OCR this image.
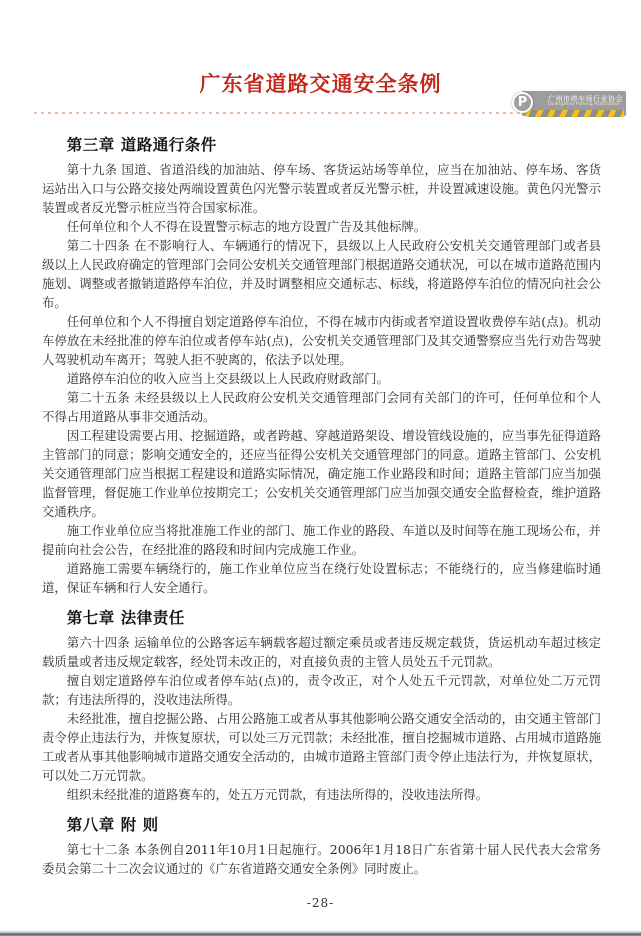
广州市停车场行业协会
Guangzhou Parking Association
P
广东省道路交通安全条例
第三章 道路通行条件

第十九条 国道、省道沿线的加油站、停车场、客货运站场等单位，应当在加油站、停车场、客货运站出入口与公路交接处两端设置黄色闪光警示装置或者反光警示桩，并设置减速设施。黄色闪光警示装置或者反光警示桩应当符合国家标准。

任何单位和个人不得在设置警示标志的地方设置广告及其他标牌。

第二十四条 在不影响行人、车辆通行的情况下，县级以上人民政府公安机关交通管理部门或者县级以上人民政府确定的管理部门会同公安机关交通管理部门根据道路交通状况，可以在城市道路范围内施划、调整或者撤销道路停车泊位，并及时调整相应交通标志、标线，将道路停车泊位的情况向社会公布。

任何单位和个人不得擅自划定道路停车泊位，不得在城市内街或者窄道设置收费停车站(点)。机动车停放在未经批准的停车泊位或者停车站(点)，公安机关交通管理部门及其交通警察应当先行劝告驾驶人驾驶机动车离开；驾驶人拒不驶离的，依法予以处理。

道路停车泊位的收入应当上交县级以上人民政府财政部门。

第二十五条 未经县级以上人民政府公安机关交通管理部门会同有关部门的许可，任何单位和个人不得占用道路从事非交通活动。

因工程建设需要占用、挖掘道路，或者跨越、穿越道路架设、增设管线设施的，应当事先征得道路主管部门的同意；影响交通安全的，还应当征得公安机关交通管理部门的同意。道路主管部门、公安机关交通管理部门应当根据工程建设和道路实际情况，确定施工作业路段和时间；道路主管部门应当加强监督管理，督促施工作业单位按期完工；公安机关交通管理部门应当加强交通安全监督检查，维护道路交通秩序。

施工作业单位应当将批准施工作业的部门、施工作业的路段、车道以及时间等在施工现场公布，并提前向社会公告，在经批准的路段和时间内完成施工作业。

道路施工需要车辆绕行的，施工作业单位应当在绕行处设置标志；不能绕行的，应当修建临时通道，保证车辆和行人安全通行。

第七章 法律责任

第六十四条 运输单位的公路客运车辆载客超过额定乘员或者违反规定载货，货运机动车超过核定载质量或者违反规定载客，经处罚未改正的，对直接负责的主管人员处五千元罚款。

擅自划定道路停车泊位或者停车站(点)的，责令改正，对个人处五千元罚款，对单位处二万元罚款；有违法所得的，没收违法所得。

未经批准，擅自挖掘公路、占用公路施工或者从事其他影响公路交通安全活动的，由交通主管部门责令停止违法行为，并恢复原状，可以处三万元罚款；未经批准，擅自挖掘城市道路、占用城市道路施工或者从事其他影响城市道路交通安全活动的，由城市道路主管部门责令停止违法行为，并恢复原状，可以处二万元罚款。

组织未经批准的道路赛车的，处五万元罚款，有违法所得的，没收违法所得。

第八章 附 则

第七十二条 本条例自2011年10月1日起施行。2006年1月18日广东省第十届人民代表大会常务委员会第二十二次会议通过的《广东省道路交通安全条例》同时废止。

-28-
